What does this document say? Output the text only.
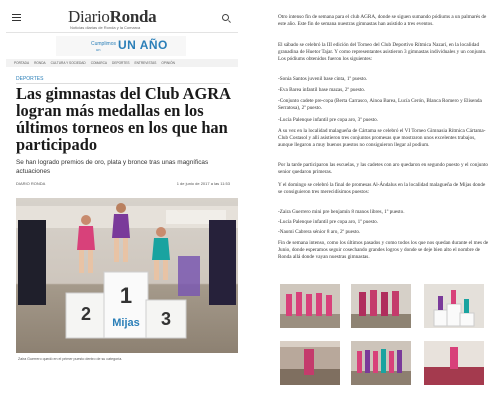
DiarioRonda
Noticias diarias de Ronda y la Comarca
Cumplimos
un UN AÑO
PORTADA RONDA CULTURA Y SOCIEDAD COMARCA DEPORTES ENTREVISTAS OPINIÓN
DEPORTES
Las gimnastas del Club AGRA logran más medallas en los últimos torneos en los que han participado

Se han logrado premios de oro, plata y bronce tras unas magníficas actuaciones

DIARIO RONDA	1 de junio de 2017 a las 11:53
2
1
3
Mijas
Zaira Guerrero quedó en el primer puesto dentro de su categoría.

Otro intenso fin de semana para el club AGRA, donde se siguen sumando pódiums a un palmarés de este año. Este fin de semana nuestras gimnastas han asistido a tres eventos.

El sábado se celebró la III edición del Torneo del Club Deportivo Rítmica Nazarí, en la localidad granadina de Huetor Tajar. Y como representantes asistieron 3 gimnastas individuales y un conjunto. Los pódiums obtenidos fueron los siguientes:

-Sonia Santos juvenil base cinta, 1º puesto.

-Eva Barea infantil base mazas, 2º puesto.

-Conjunto cadete pre-copa (Berta Carrasco, Ainoa Barea, Lucía Cerón, Blanca Romero y Elisenda Serratosa), 2º puesto.

-Lucía Palenque infantil pre copa aro, 3º puesto.

A su vez en la localidad malagueña de Cártama se celebró el VI Torneo Gimnasia Rítmica Cártama-Club Costasol y allí asistieron tres conjuntos promesas que mostraron unos excelentes trabajos, aunque llegaron a muy buenos puestos no consiguieron llegar al podium.

Por la tarde participaron las escuelas, y las cadetes con aro quedaron en segundo puesto y el conjunto senior quedaron primeras.

Y el domingo se celebró la final de promesas Al-Ándalus en la localidad malagueña de Mijas donde se consiguieron tres merecidísimos puestos:

-Zaira Guerrero mini pre benjamín 8 manos libres, 1º puesto.

-Lucía Palenque infantil pre copa aro, 1º puesto.

-Naomi Cabrera sénior 8 aro, 2º puesto.

Fin de semana intenso, como los últimos pasados y como todos los que nos quedan durante el mes de Junio, donde esperamos seguir cosechando grandes logros y donde se deje bien alto el nombre de Ronda allá donde vayan nuestras gimnastas.
